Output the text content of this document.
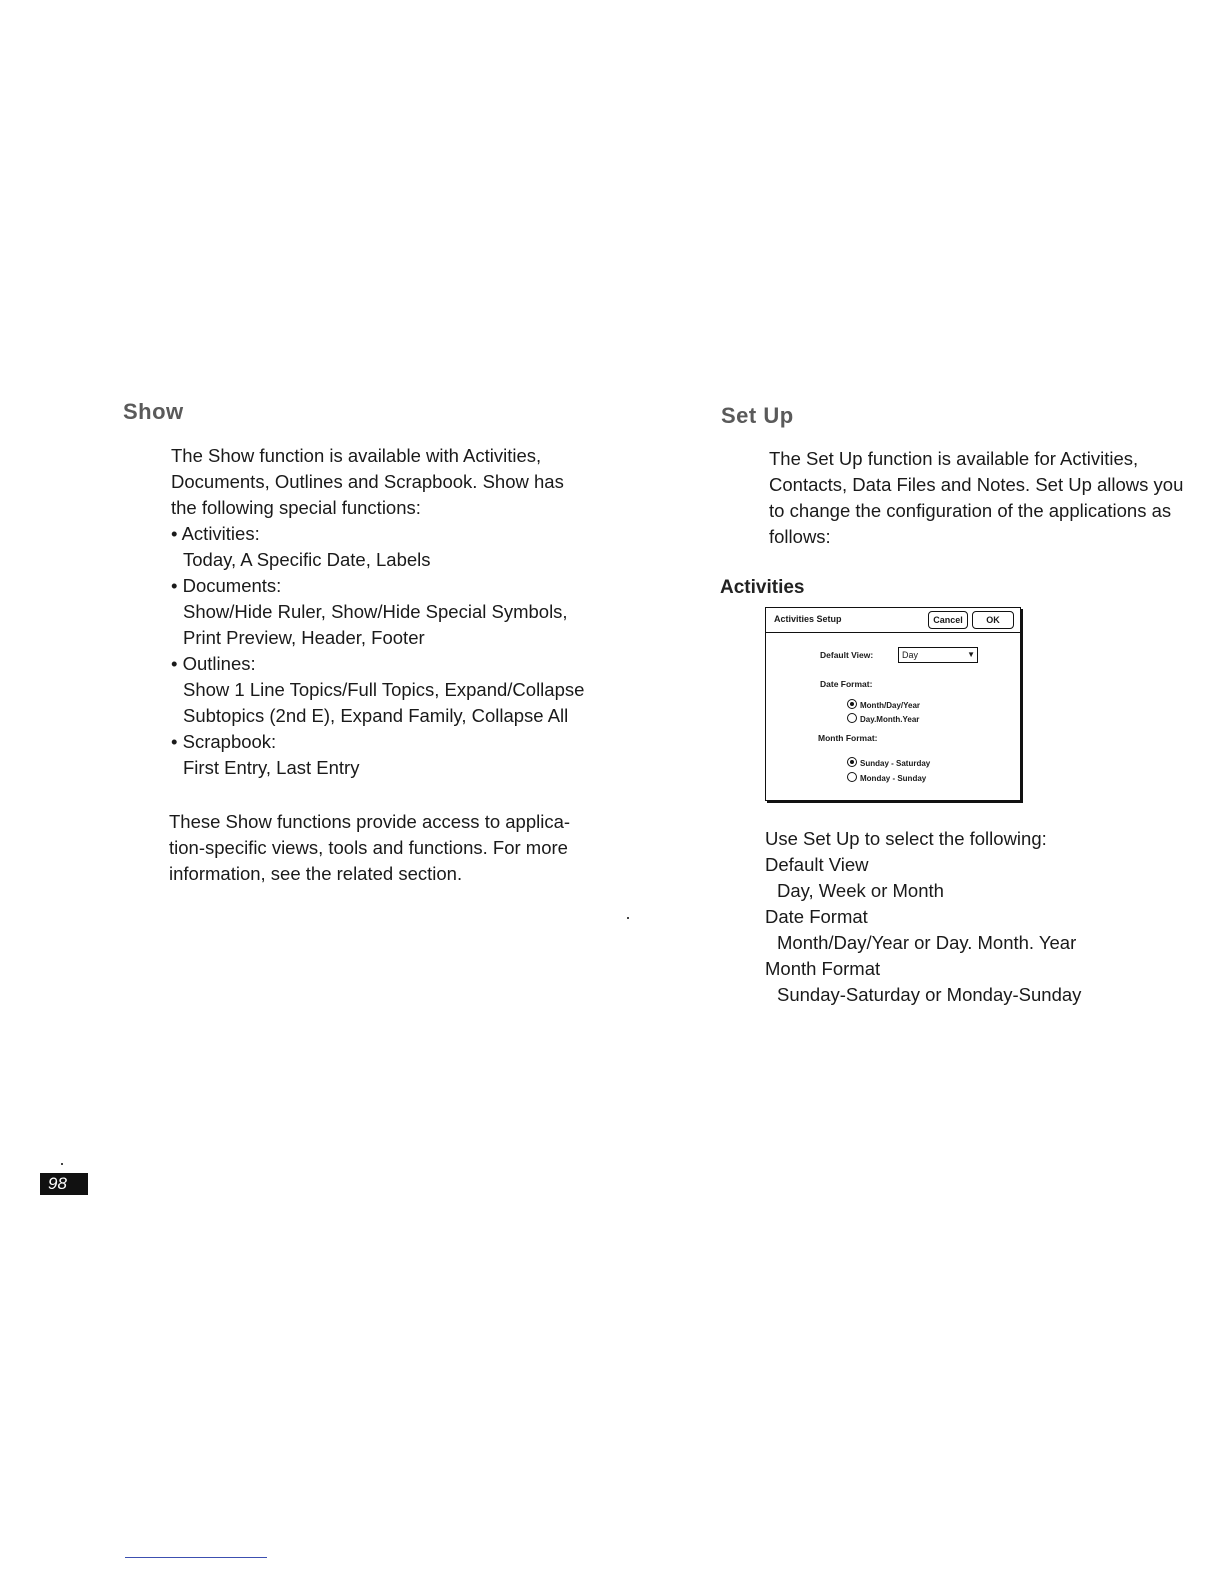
Show

The Show function is available with Activities,

Documents, Outlines and Scrapbook. Show has

the following special functions:

• Activities:

Today, A Specific Date, Labels

• Documents:

Show/Hide Ruler, Show/Hide Special Symbols,

Print Preview, Header, Footer

• Outlines:

Show 1 Line Topics/Full Topics, Expand/Collapse

Subtopics (2nd E), Expand Family, Collapse All

• Scrapbook:

First Entry, Last Entry

These Show functions provide access to applica-

tion-specific views, tools and functions. For more

information, see the related section.

Set Up

The Set Up function is available for Activities,

Contacts, Data Files and Notes. Set Up allows you

to change the configuration of the applications as

follows:

Activities
Activities Setup	Cancel	OK
Default View:	Day	▼
Date Format:
Month/Day/Year
Day.Month.Year
Month Format:
Sunday - Saturday
Monday - Sunday

Use Set Up to select the following:

Default View

Day, Week or Month

Date Format

Month/Day/Year or Day. Month. Year

Month Format

Sunday-Saturday or Monday-Sunday

98
